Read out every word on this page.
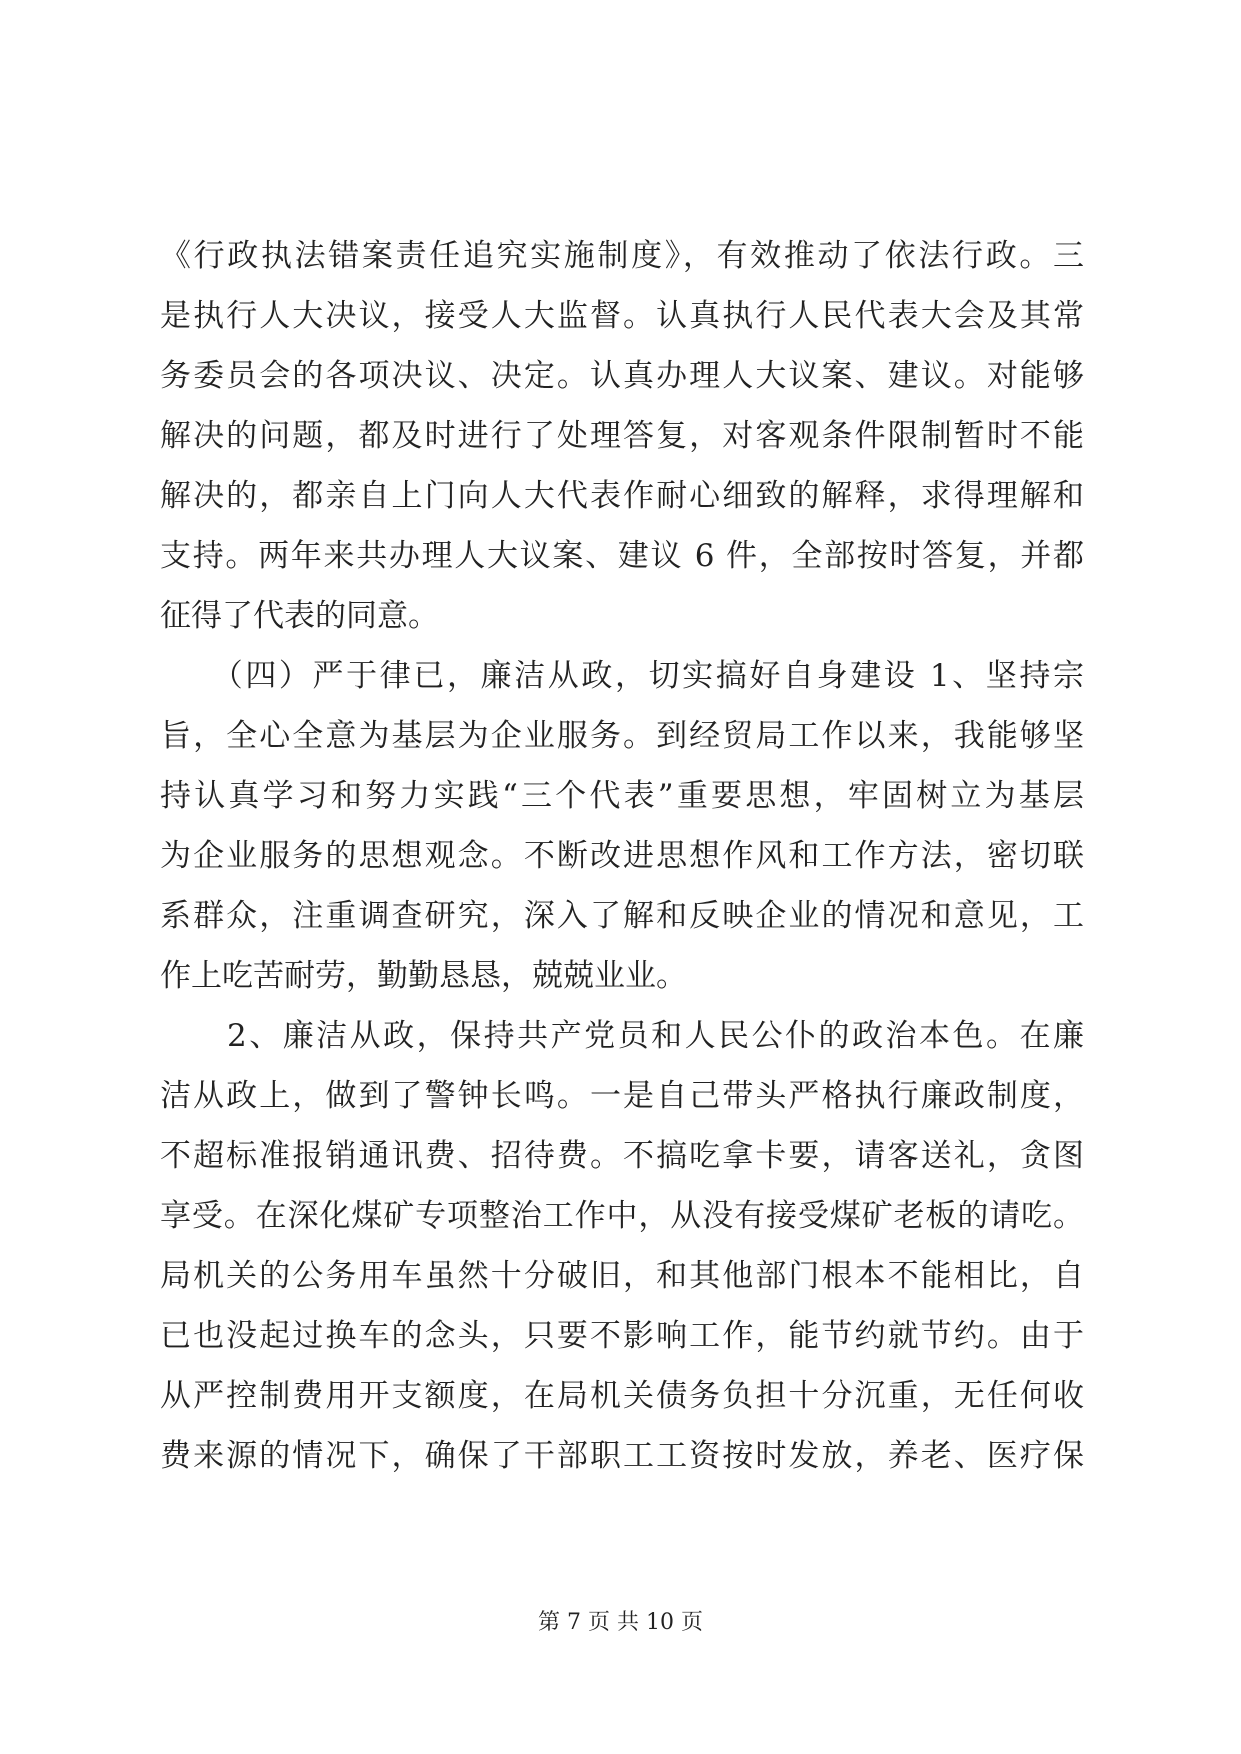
《行政执法错案责任追究实施制度》，有效推动了依法行政。三
是执行人大决议，接受人大监督。认真执行人民代表大会及其常
务委员会的各项决议、决定。认真办理人大议案、建议。对能够
解决的问题，都及时进行了处理答复，对客观条件限制暂时不能
解决的，都亲自上门向人大代表作耐心细致的解释，求得理解和
支持。两年来共办理人大议案、建议 6 件，全部按时答复，并都
征得了代表的同意。
　　（四）严于律已，廉洁从政，切实搞好自身建设 1、坚持宗
旨，全心全意为基层为企业服务。到经贸局工作以来，我能够坚
持认真学习和努力实践“三个代表”重要思想，牢固树立为基层
为企业服务的思想观念。不断改进思想作风和工作方法，密切联
系群众，注重调查研究，深入了解和反映企业的情况和意见，工
作上吃苦耐劳，勤勤恳恳，兢兢业业。
　　2、廉洁从政，保持共产党员和人民公仆的政治本色。在廉
洁从政上，做到了警钟长鸣。一是自己带头严格执行廉政制度，
不超标准报销通讯费、招待费。不搞吃拿卡要，请客送礼，贪图
享受。在深化煤矿专项整治工作中，从没有接受煤矿老板的请吃。
局机关的公务用车虽然十分破旧，和其他部门根本不能相比，自
已也没起过换车的念头，只要不影响工作，能节约就节约。由于
从严控制费用开支额度，在局机关债务负担十分沉重，无任何收
费来源的情况下，确保了干部职工工资按时发放，养老、医疗保
第 7 页 共 10 页
